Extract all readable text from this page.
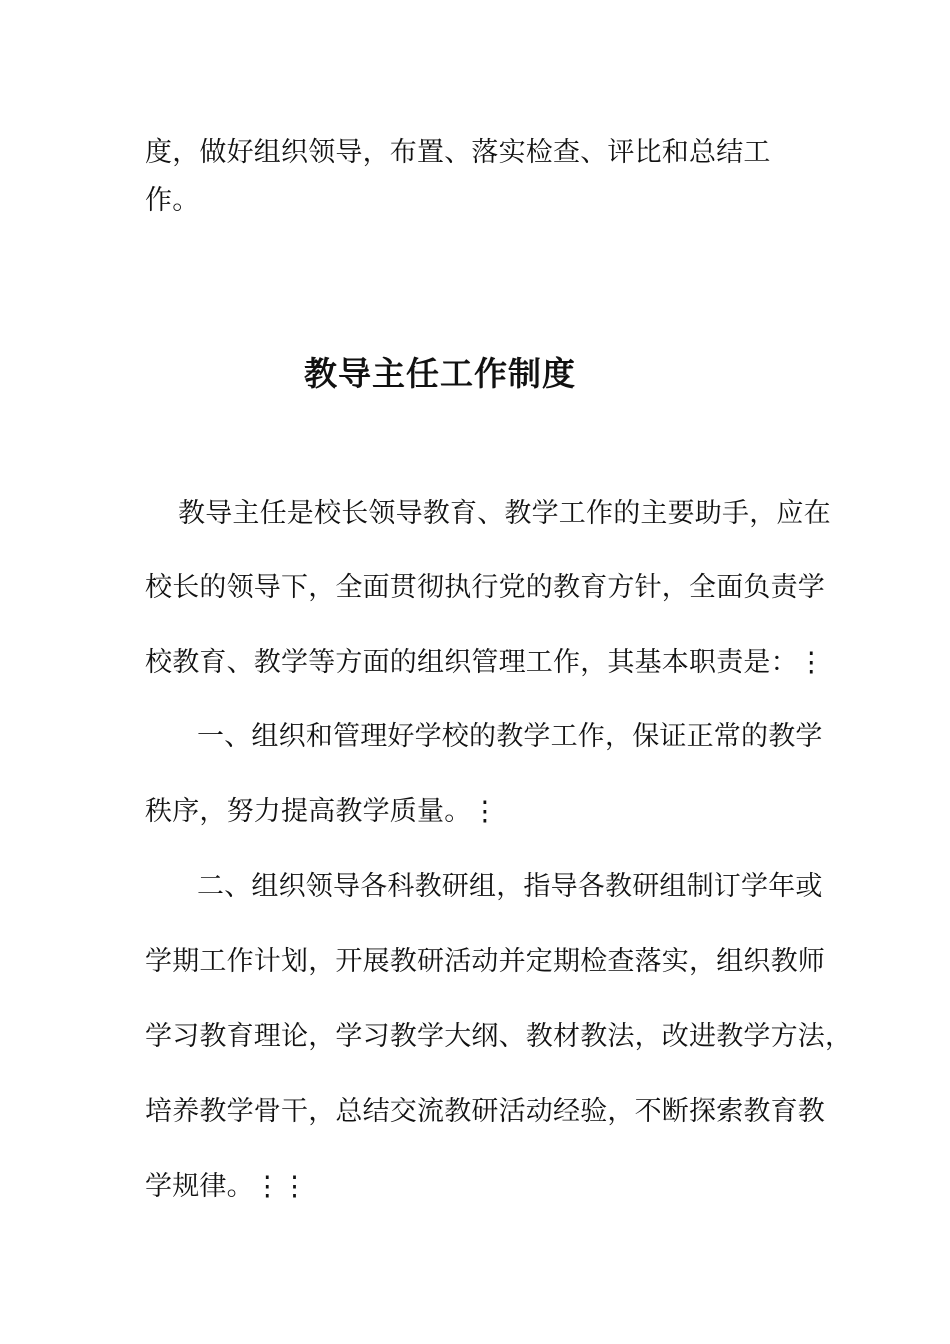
度，做好组织领导，布置、落实检查、评比和总结工
作。
教导主任工作制度
教导主任是校长领导教育、教学工作的主要助手，应在
校长的领导下，全面贯彻执行党的教育方针，全面负责学
校教育、教学等方面的组织管理工作，其基本职责是：⋮
一、组织和管理好学校的教学工作，保证正常的教学
秩序，努力提高教学质量。⋮
二、组织领导各科教研组，指导各教研组制订学年或
学期工作计划，开展教研活动并定期检查落实，组织教师
学习教育理论，学习教学大纲、教材教法，改进教学方法，
培养教学骨干，总结交流教研活动经验，不断探索教育教
学规律。⋮⋮
